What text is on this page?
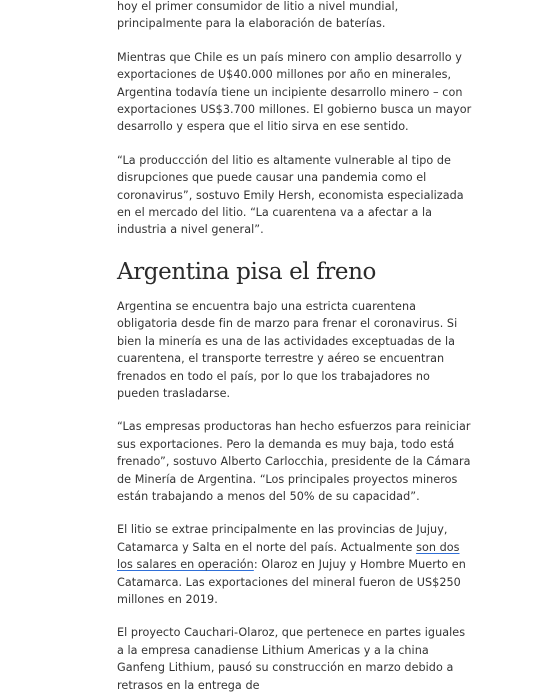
hoy el primer consumidor de litio a nivel mundial, principalmente para la elaboración de baterías.

Mientras que Chile es un país minero con amplio desarrollo y exportaciones de U$40.000 millones por año en minerales, Argentina todavía tiene un incipiente desarrollo minero – con exportaciones US$3.700 millones. El gobierno busca un mayor desarrollo y espera que el litio sirva en ese sentido.

“La produccción del litio es altamente vulnerable al tipo de disrupciones que puede causar una pandemia como el coronavirus”, sostuvo Emily Hersh, economista especializada en el mercado del litio. “La cuarentena va a afectar a la industria a nivel general”.

Argentina pisa el freno

Argentina se encuentra bajo una estricta cuarentena obligatoria desde fin de marzo para frenar el coronavirus. Si bien la minería es una de las actividades exceptuadas de la cuarentena, el transporte terrestre y aéreo se encuentran frenados en todo el país, por lo que los trabajadores no pueden trasladarse.

“Las empresas productoras han hecho esfuerzos para reiniciar sus exportaciones. Pero la demanda es muy baja, todo está frenado”, sostuvo Alberto Carlocchia, presidente de la Cámara de Minería de Argentina. “Los principales proyectos mineros están trabajando a menos del 50% de su capacidad”.

El litio se extrae principalmente en las provincias de Jujuy, Catamarca y Salta en el norte del país. Actualmente son dos los salares en operación: Olaroz en Jujuy y Hombre Muerto en Catamarca. Las exportaciones del mineral fueron de US$250 millones en 2019.

El proyecto Cauchari-Olaroz, que pertenece en partes iguales a la empresa canadiense Lithium Americas y a la china Ganfeng Lithium, pausó su construcción en marzo debido a retrasos en la entrega de
